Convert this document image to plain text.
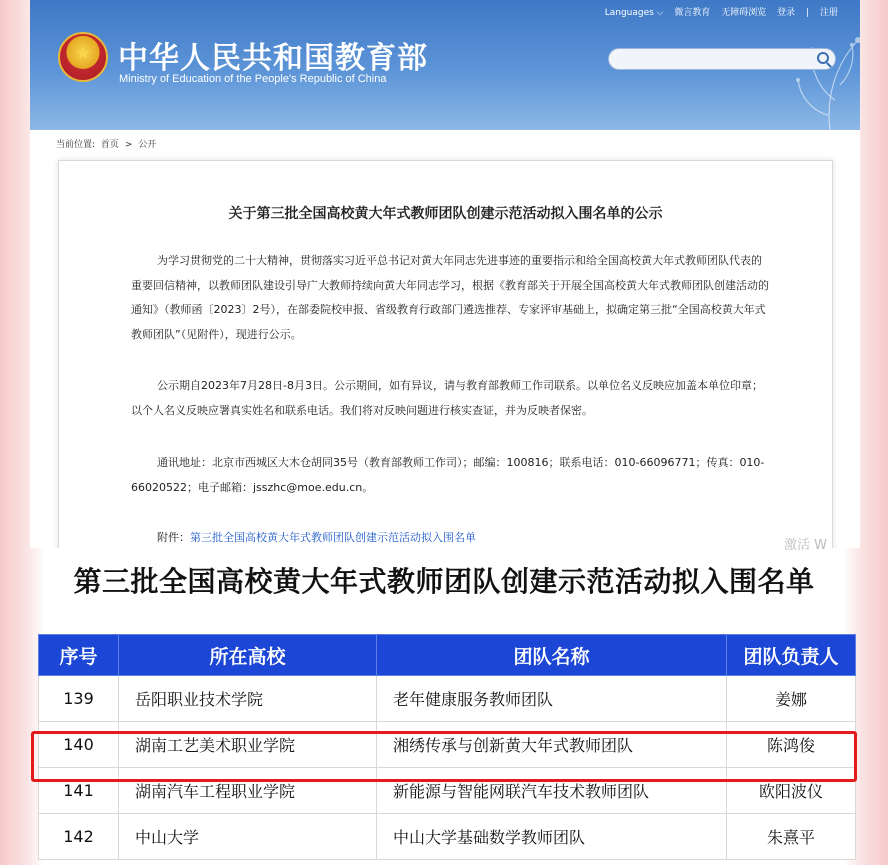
Languages ⌵ 微言教育 无障碍浏览 登录 | 注册
★ 中华人民共和国教育部
Ministry of Education of the People's Republic of China
当前位置: 首页 > 公开
关于第三批全国高校黄大年式教师团队创建示范活动拟入围名单的公示
为学习贯彻党的二十大精神，贯彻落实习近平总书记对黄大年同志先进事迹的重要指示和给全国高校黄大年式教师团队代表的重要回信精神，以教师团队建设引导广大教师持续向黄大年同志学习，根据《教育部关于开展全国高校黄大年式教师团队创建活动的通知》（教师函〔2023〕2号），在部委院校申报、省级教育行政部门遴选推荐、专家评审基础上，拟确定第三批“全国高校黄大年式教师团队”（见附件），现进行公示。
公示期自2023年7月28日-8月3日。公示期间，如有异议，请与教育部教师工作司联系。以单位名义反映应加盖本单位印章；以个人名义反映应署真实姓名和联系电话。我们将对反映问题进行核实查证，并为反映者保密。
通讯地址：北京市西城区大木仓胡同35号（教育部教师工作司）；邮编：100816；联系电话：010-66096771；传真：010-66020522；电子邮箱：jsszhc@moe.edu.cn。
附件：第三批全国高校黄大年式教师团队创建示范活动拟入围名单
激活 W
第三批全国高校黄大年式教师团队创建示范活动拟入围名单
序号	所在高校	团队名称	团队负责人
139	岳阳职业技术学院	老年健康服务教师团队	姜娜
140	湖南工艺美术职业学院	湘绣传承与创新黄大年式教师团队	陈鸿俊
141	湖南汽车工程职业学院	新能源与智能网联汽车技术教师团队	欧阳波仪
142	中山大学	中山大学基础数学教师团队	朱熹平
